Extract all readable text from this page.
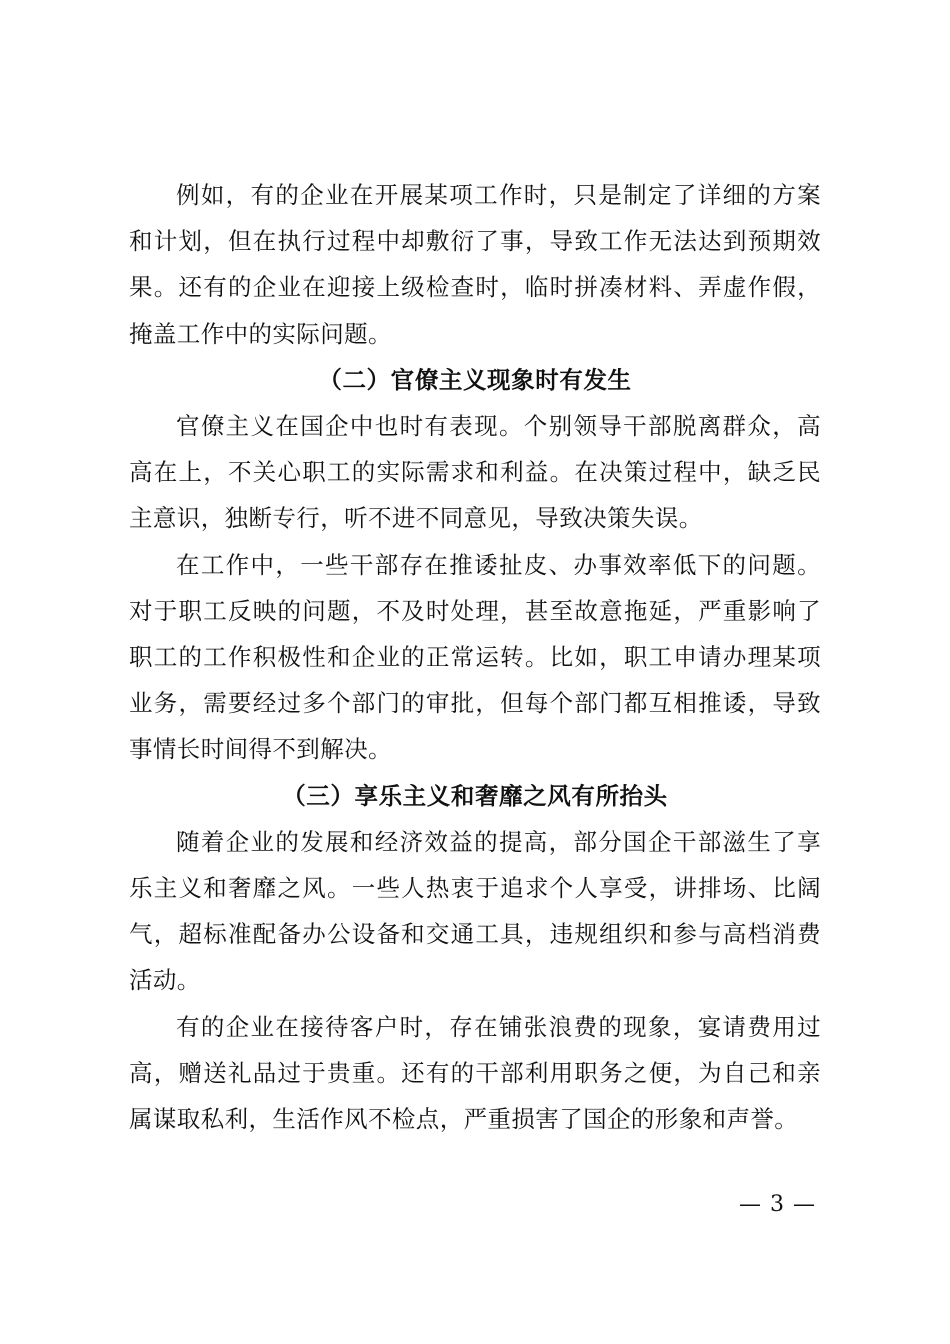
例如，有的企业在开展某项工作时，只是制定了详细的方案和计划，但在执行过程中却敷衍了事，导致工作无法达到预期效果。还有的企业在迎接上级检查时，临时拼凑材料、弄虚作假，掩盖工作中的实际问题。

（二）官僚主义现象时有发生

官僚主义在国企中也时有表现。个别领导干部脱离群众，高高在上，不关心职工的实际需求和利益。在决策过程中，缺乏民主意识，独断专行，听不进不同意见，导致决策失误。

在工作中，一些干部存在推诿扯皮、办事效率低下的问题。对于职工反映的问题，不及时处理，甚至故意拖延，严重影响了职工的工作积极性和企业的正常运转。比如，职工申请办理某项业务，需要经过多个部门的审批，但每个部门都互相推诿，导致事情长时间得不到解决。

（三）享乐主义和奢靡之风有所抬头

随着企业的发展和经济效益的提高，部分国企干部滋生了享乐主义和奢靡之风。一些人热衷于追求个人享受，讲排场、比阔气，超标准配备办公设备和交通工具，违规组织和参与高档消费活动。

有的企业在接待客户时，存在铺张浪费的现象，宴请费用过高，赠送礼品过于贵重。还有的干部利用职务之便，为自己和亲属谋取私利，生活作风不检点，严重损害了国企的形象和声誉。

— 3 —
